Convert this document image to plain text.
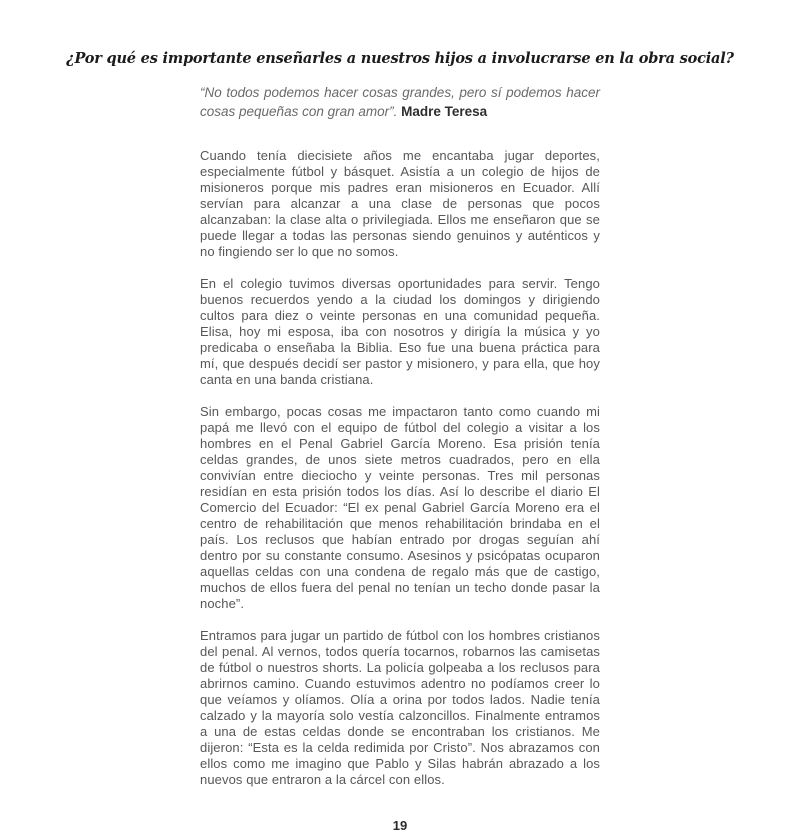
¿Por qué es importante enseñarles a nuestros hijos a involucrarse en la obra social?
“No todos podemos hacer cosas grandes, pero sí podemos hacer cosas pequeñas con gran amor”. Madre Teresa

Cuando tenía diecisiete años me encantaba jugar deportes, especialmente fútbol y básquet. Asistía a un colegio de hijos de misioneros porque mis padres eran misioneros en Ecuador. Allí servían para alcanzar a una clase de personas que pocos alcanzaban: la clase alta o privilegiada. Ellos me enseñaron que se puede llegar a todas las personas siendo genuinos y auténticos y no fingiendo ser lo que no somos.

En el colegio tuvimos diversas oportunidades para servir. Tengo buenos recuerdos yendo a la ciudad los domingos y dirigiendo cultos para diez o veinte personas en una comunidad pequeña. Elisa, hoy mi esposa, iba con nosotros y dirigía la música y yo predicaba o enseñaba la Biblia. Eso fue una buena práctica para mí, que después decidí ser pastor y misionero, y para ella, que hoy canta en una banda cristiana.

Sin embargo, pocas cosas me impactaron tanto como cuando mi papá me llevó con el equipo de fútbol del colegio a visitar a los hombres en el Penal Gabriel García Moreno. Esa prisión tenía celdas grandes, de unos siete metros cuadrados, pero en ella convivían entre dieciocho y veinte personas. Tres mil personas residían en esta prisión todos los días. Así lo describe el diario El Comercio del Ecuador: “El ex penal Gabriel García Moreno era el centro de rehabilitación que menos rehabilitación brindaba en el país. Los reclusos que habían entrado por drogas seguían ahí dentro por su constante consumo. Asesinos y psicópatas ocuparon aquellas celdas con una condena de regalo más que de castigo, muchos de ellos fuera del penal no tenían un techo donde pasar la noche”.

Entramos para jugar un partido de fútbol con los hombres cristianos del penal. Al vernos, todos quería tocarnos, robarnos las camisetas de fútbol o nuestros shorts. La policía golpeaba a los reclusos para abrirnos camino. Cuando estuvimos adentro no podíamos creer lo que veíamos y olíamos. Olía a orina por todos lados. Nadie tenía calzado y la mayoría solo vestía calzoncillos. Finalmente entramos a una de estas celdas donde se encontraban los cristianos. Me dijeron: “Esta es la celda redimida por Cristo”. Nos abrazamos con ellos como me imagino que Pablo y Silas habrán abrazado a los nuevos que entraron a la cárcel con ellos.

19
